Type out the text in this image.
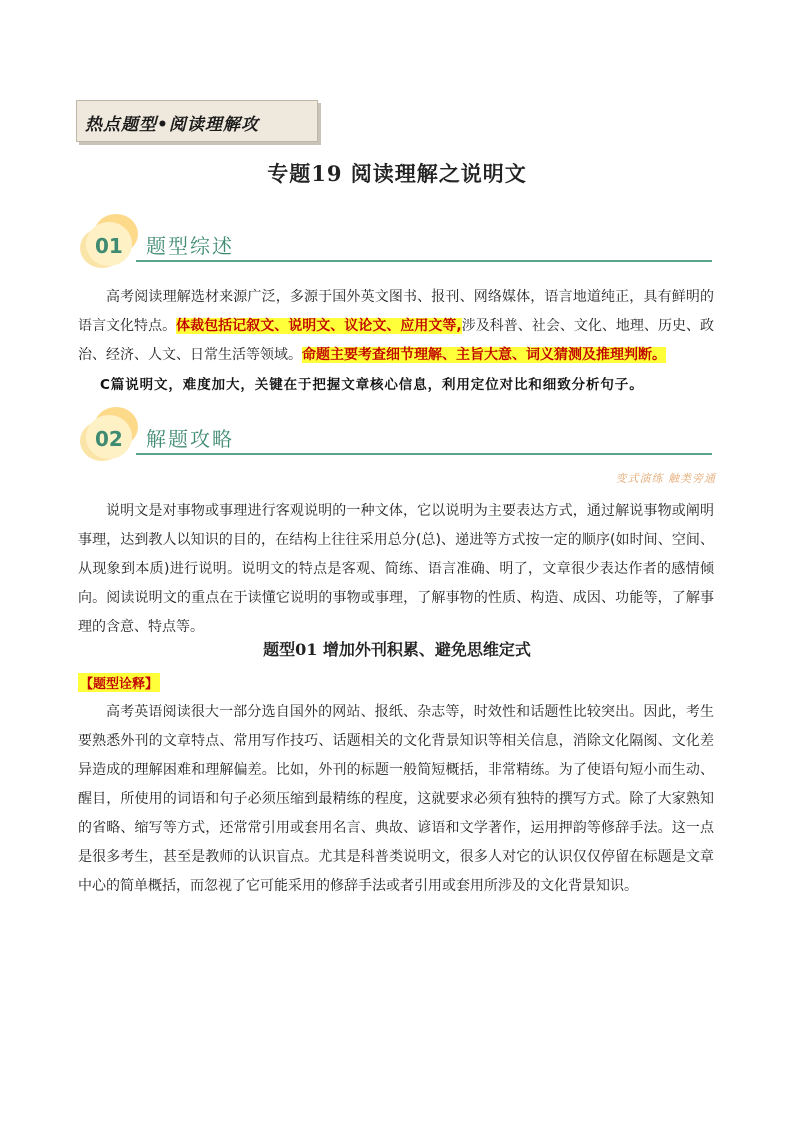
热点题型•阅读理解攻
专题19 阅读理解之说明文
01 题型综述
高考阅读理解选材来源广泛，多源于国外英文图书、报刊、网络媒体，语言地道纯正，具有鲜明的语言文化特点。体裁包括记叙文、说明文、议论文、应用文等,涉及科普、社会、文化、地理、历史、政治、经济、人文、日常生活等领域。命题主要考查细节理解、主旨大意、词义猜测及推理判断。
C篇说明文，难度加大，关键在于把握文章核心信息，利用定位对比和细致分析句子。
02 解题攻略
变式演练 触类旁通
说明文是对事物或事理进行客观说明的一种文体，它以说明为主要表达方式，通过解说事物或阐明事理，达到教人以知识的目的，在结构上往往采用总分(总)、递进等方式按一定的顺序(如时间、空间、从现象到本质)进行说明。说明文的特点是客观、简练、语言准确、明了，文章很少表达作者的感情倾向。阅读说明文的重点在于读懂它说明的事物或事理，了解事物的性质、构造、成因、功能等，了解事理的含意、特点等。
题型01 增加外刊积累、避免思维定式
【题型诠释】
高考英语阅读很大一部分选自国外的网站、报纸、杂志等，时效性和话题性比较突出。因此，考生要熟悉外刊的文章特点、常用写作技巧、话题相关的文化背景知识等相关信息，消除文化隔阂、文化差异造成的理解困难和理解偏差。比如，外刊的标题一般简短概括，非常精练。为了使语句短小而生动、醒目，所使用的词语和句子必须压缩到最精练的程度，这就要求必须有独特的撰写方式。除了大家熟知的省略、缩写等方式，还常常引用或套用名言、典故、谚语和文学著作，运用押韵等修辞手法。这一点是很多考生，甚至是教师的认识盲点。尤其是科普类说明文，很多人对它的认识仅仅停留在标题是文章中心的简单概括，而忽视了它可能采用的修辞手法或者引用或套用所涉及的文化背景知识。
